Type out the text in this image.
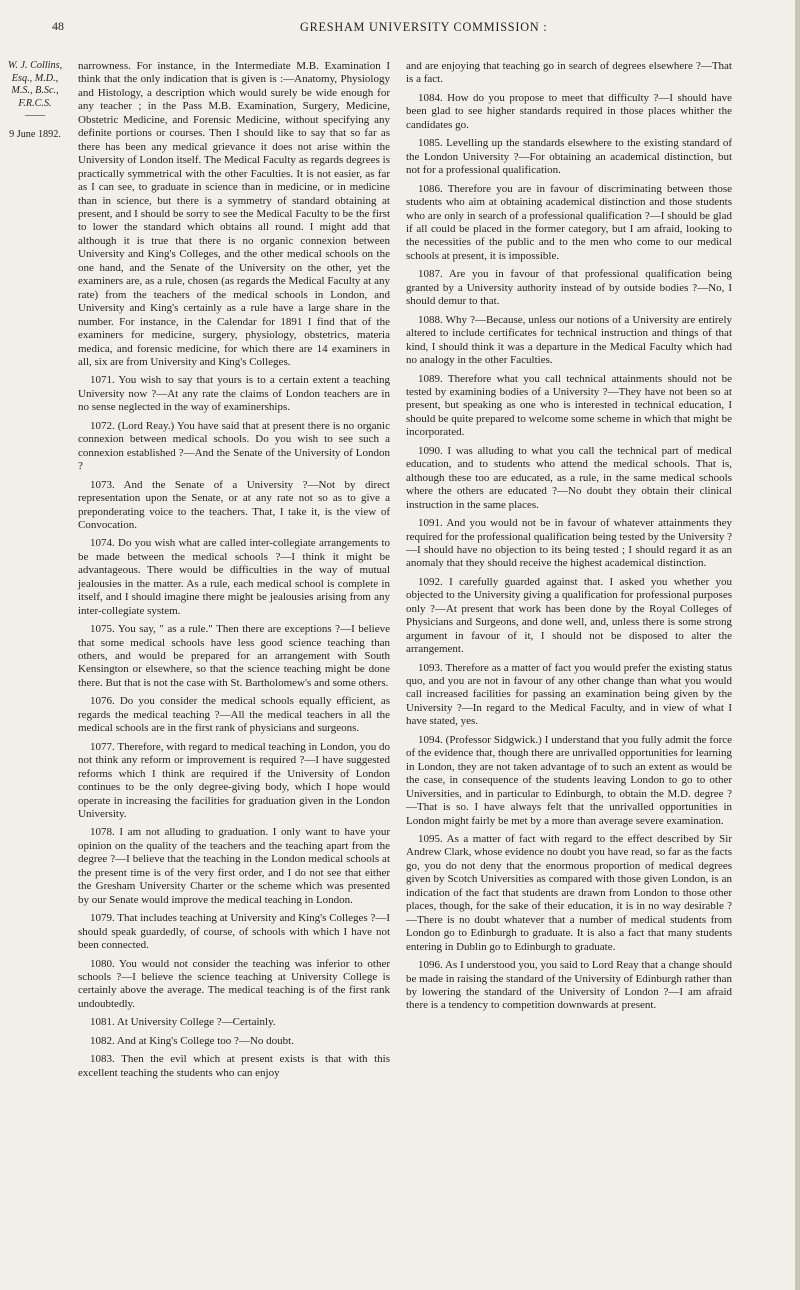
48	GRESHAM UNIVERSITY COMMISSION :
W. J. Collins, Esq., M.D., M.S., B.Sc., F.R.C.S.
——
9 June 1892.

narrowness. For instance, in the Intermediate M.B. Examination I think that the only indication that is given is :—Anatomy, Physiology and Histology, a description which would surely be wide enough for any teacher ; in the Pass M.B. Examination, Surgery, Medicine, Obstetric Medicine, and Forensic Medicine, without specifying any definite portions or courses. Then I should like to say that so far as there has been any medical grievance it does not arise within the University of London itself. The Medical Faculty as regards degrees is practically symmetrical with the other Faculties. It is not easier, as far as I can see, to graduate in science than in medicine, or in medicine than in science, but there is a symmetry of standard obtaining at present, and I should be sorry to see the Medical Faculty to be the first to lower the standard which obtains all round. I might add that although it is true that there is no organic connexion between University and King's Colleges, and the other medical schools on the one hand, and the Senate of the University on the other, yet the examiners are, as a rule, chosen (as regards the Medical Faculty at any rate) from the teachers of the medical schools in London, and University and King's certainly as a rule have a large share in the number. For instance, in the Calendar for 1891 I find that of the examiners for medicine, surgery, physiology, obstetrics, materia medica, and forensic medicine, for which there are 14 examiners in all, six are from University and King's Colleges.

1071. You wish to say that yours is to a certain extent a teaching University now ?—At any rate the claims of London teachers are in no sense neglected in the way of examinerships.

1072. (Lord Reay.) You have said that at present there is no organic connexion between medical schools. Do you wish to see such a connexion established ?—And the Senate of the University of London ?

1073. And the Senate of a University ?—Not by direct representation upon the Senate, or at any rate not so as to give a preponderating voice to the teachers. That, I take it, is the view of Convocation.

1074. Do you wish what are called inter-collegiate arrangements to be made between the medical schools ?—I think it might be advantageous. There would be difficulties in the way of mutual jealousies in the matter. As a rule, each medical school is complete in itself, and I should imagine there might be jealousies arising from any inter-collegiate system.

1075. You say, " as a rule." Then there are exceptions ?—I believe that some medical schools have less good science teaching than others, and would be prepared for an arrangement with South Kensington or elsewhere, so that the science teaching might be done there. But that is not the case with St. Bartholomew's and some others.

1076. Do you consider the medical schools equally efficient, as regards the medical teaching ?—All the medical teachers in all the medical schools are in the first rank of physicians and surgeons.

1077. Therefore, with regard to medical teaching in London, you do not think any reform or improvement is required ?—I have suggested reforms which I think are required if the University of London continues to be the only degree-giving body, which I hope would operate in increasing the facilities for graduation given in the London University.

1078. I am not alluding to graduation. I only want to have your opinion on the quality of the teachers and the teaching apart from the degree ?—I believe that the teaching in the London medical schools at the present time is of the very first order, and I do not see that either the Gresham University Charter or the scheme which was presented by our Senate would improve the medical teaching in London.

1079. That includes teaching at University and King's Colleges ?—I should speak guardedly, of course, of schools with which I have not been connected.

1080. You would not consider the teaching was inferior to other schools ?—I believe the science teaching at University College is certainly above the average. The medical teaching is of the first rank undoubtedly.

1081. At University College ?—Certainly.

1082. And at King's College too ?—No doubt.

1083. Then the evil which at present exists is that with this excellent teaching the students who can enjoy

and are enjoying that teaching go in search of degrees elsewhere ?—That is a fact.

1084. How do you propose to meet that difficulty ?—I should have been glad to see higher standards required in those places whither the candidates go.

1085. Levelling up the standards elsewhere to the existing standard of the London University ?—For obtaining an academical distinction, but not for a professional qualification.

1086. Therefore you are in favour of discriminating between those students who aim at obtaining academical distinction and those students who are only in search of a professional qualification ?—I should be glad if all could be placed in the former category, but I am afraid, looking to the necessities of the public and to the men who come to our medical schools at present, it is impossible.

1087. Are you in favour of that professional qualification being granted by a University authority instead of by outside bodies ?—No, I should demur to that.

1088. Why ?—Because, unless our notions of a University are entirely altered to include certificates for technical instruction and things of that kind, I should think it was a departure in the Medical Faculty which had no analogy in the other Faculties.

1089. Therefore what you call technical attainments should not be tested by examining bodies of a University ?—They have not been so at present, but speaking as one who is interested in technical education, I should be quite prepared to welcome some scheme in which that might be incorporated.

1090. I was alluding to what you call the technical part of medical education, and to students who attend the medical schools. That is, although these too are educated, as a rule, in the same medical schools where the others are educated ?—No doubt they obtain their clinical instruction in the same places.

1091. And you would not be in favour of whatever attainments they required for the professional qualification being tested by the University ?—I should have no objection to its being tested ; I should regard it as an anomaly that they should receive the highest academical distinction.

1092. I carefully guarded against that. I asked you whether you objected to the University giving a qualification for professional purposes only ?—At present that work has been done by the Royal Colleges of Physicians and Surgeons, and done well, and, unless there is some strong argument in favour of it, I should not be disposed to alter the arrangement.

1093. Therefore as a matter of fact you would prefer the existing status quo, and you are not in favour of any other change than what you would call increased facilities for passing an examination being given by the University ?—In regard to the Medical Faculty, and in view of what I have stated, yes.

1094. (Professor Sidgwick.) I understand that you fully admit the force of the evidence that, though there are unrivalled opportunities for learning in London, they are not taken advantage of to such an extent as would be the case, in consequence of the students leaving London to go to other Universities, and in particular to Edinburgh, to obtain the M.D. degree ?—That is so. I have always felt that the unrivalled opportunities in London might fairly be met by a more than average severe examination.

1095. As a matter of fact with regard to the effect described by Sir Andrew Clark, whose evidence no doubt you have read, so far as the facts go, you do not deny that the enormous proportion of medical degrees given by Scotch Universities as compared with those given London, is an indication of the fact that students are drawn from London to those other places, though, for the sake of their education, it is in no way desirable ?—There is no doubt whatever that a number of medical students from London go to Edinburgh to graduate. It is also a fact that many students entering in Dublin go to Edinburgh to graduate.

1096. As I understood you, you said to Lord Reay that a change should be made in raising the standard of the University of Edinburgh rather than by lowering the standard of the University of London ?—I am afraid there is a tendency to competition downwards at present.
